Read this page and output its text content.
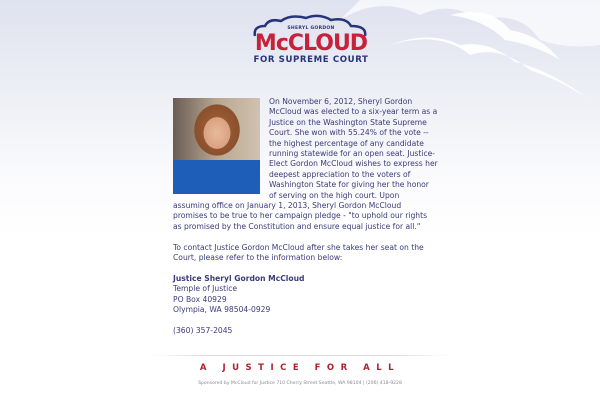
SHERYL GORDON
McCLOUD
FOR SUPREME COURT

On November 6, 2012, Sheryl Gordon McCloud was elected to a six-year term as a Justice on the Washington State Supreme Court. She won with 55.24% of the vote -- the highest percentage of any candidate running statewide for an open seat. Justice-Elect Gordon McCloud wishes to express her deepest appreciation to the voters of Washington State for giving her the honor of serving on the high court. Upon assuming office on January 1, 2013, Sheryl Gordon McCloud promises to be true to her campaign pledge - "to uphold our rights as promised by the Constitution and ensure equal justice for all."

To contact Justice Gordon McCloud after she takes her seat on the Court, please refer to the information below:

Justice Sheryl Gordon McCloud
Temple of Justice
PO Box 40929
Olympia, WA 98504-0929
(360) 357-2045
A JUSTICE FOR ALL
Sponsored by McCloud for Justice 710 Cherry Street Seattle, WA 98104 | (206) 418-9228
